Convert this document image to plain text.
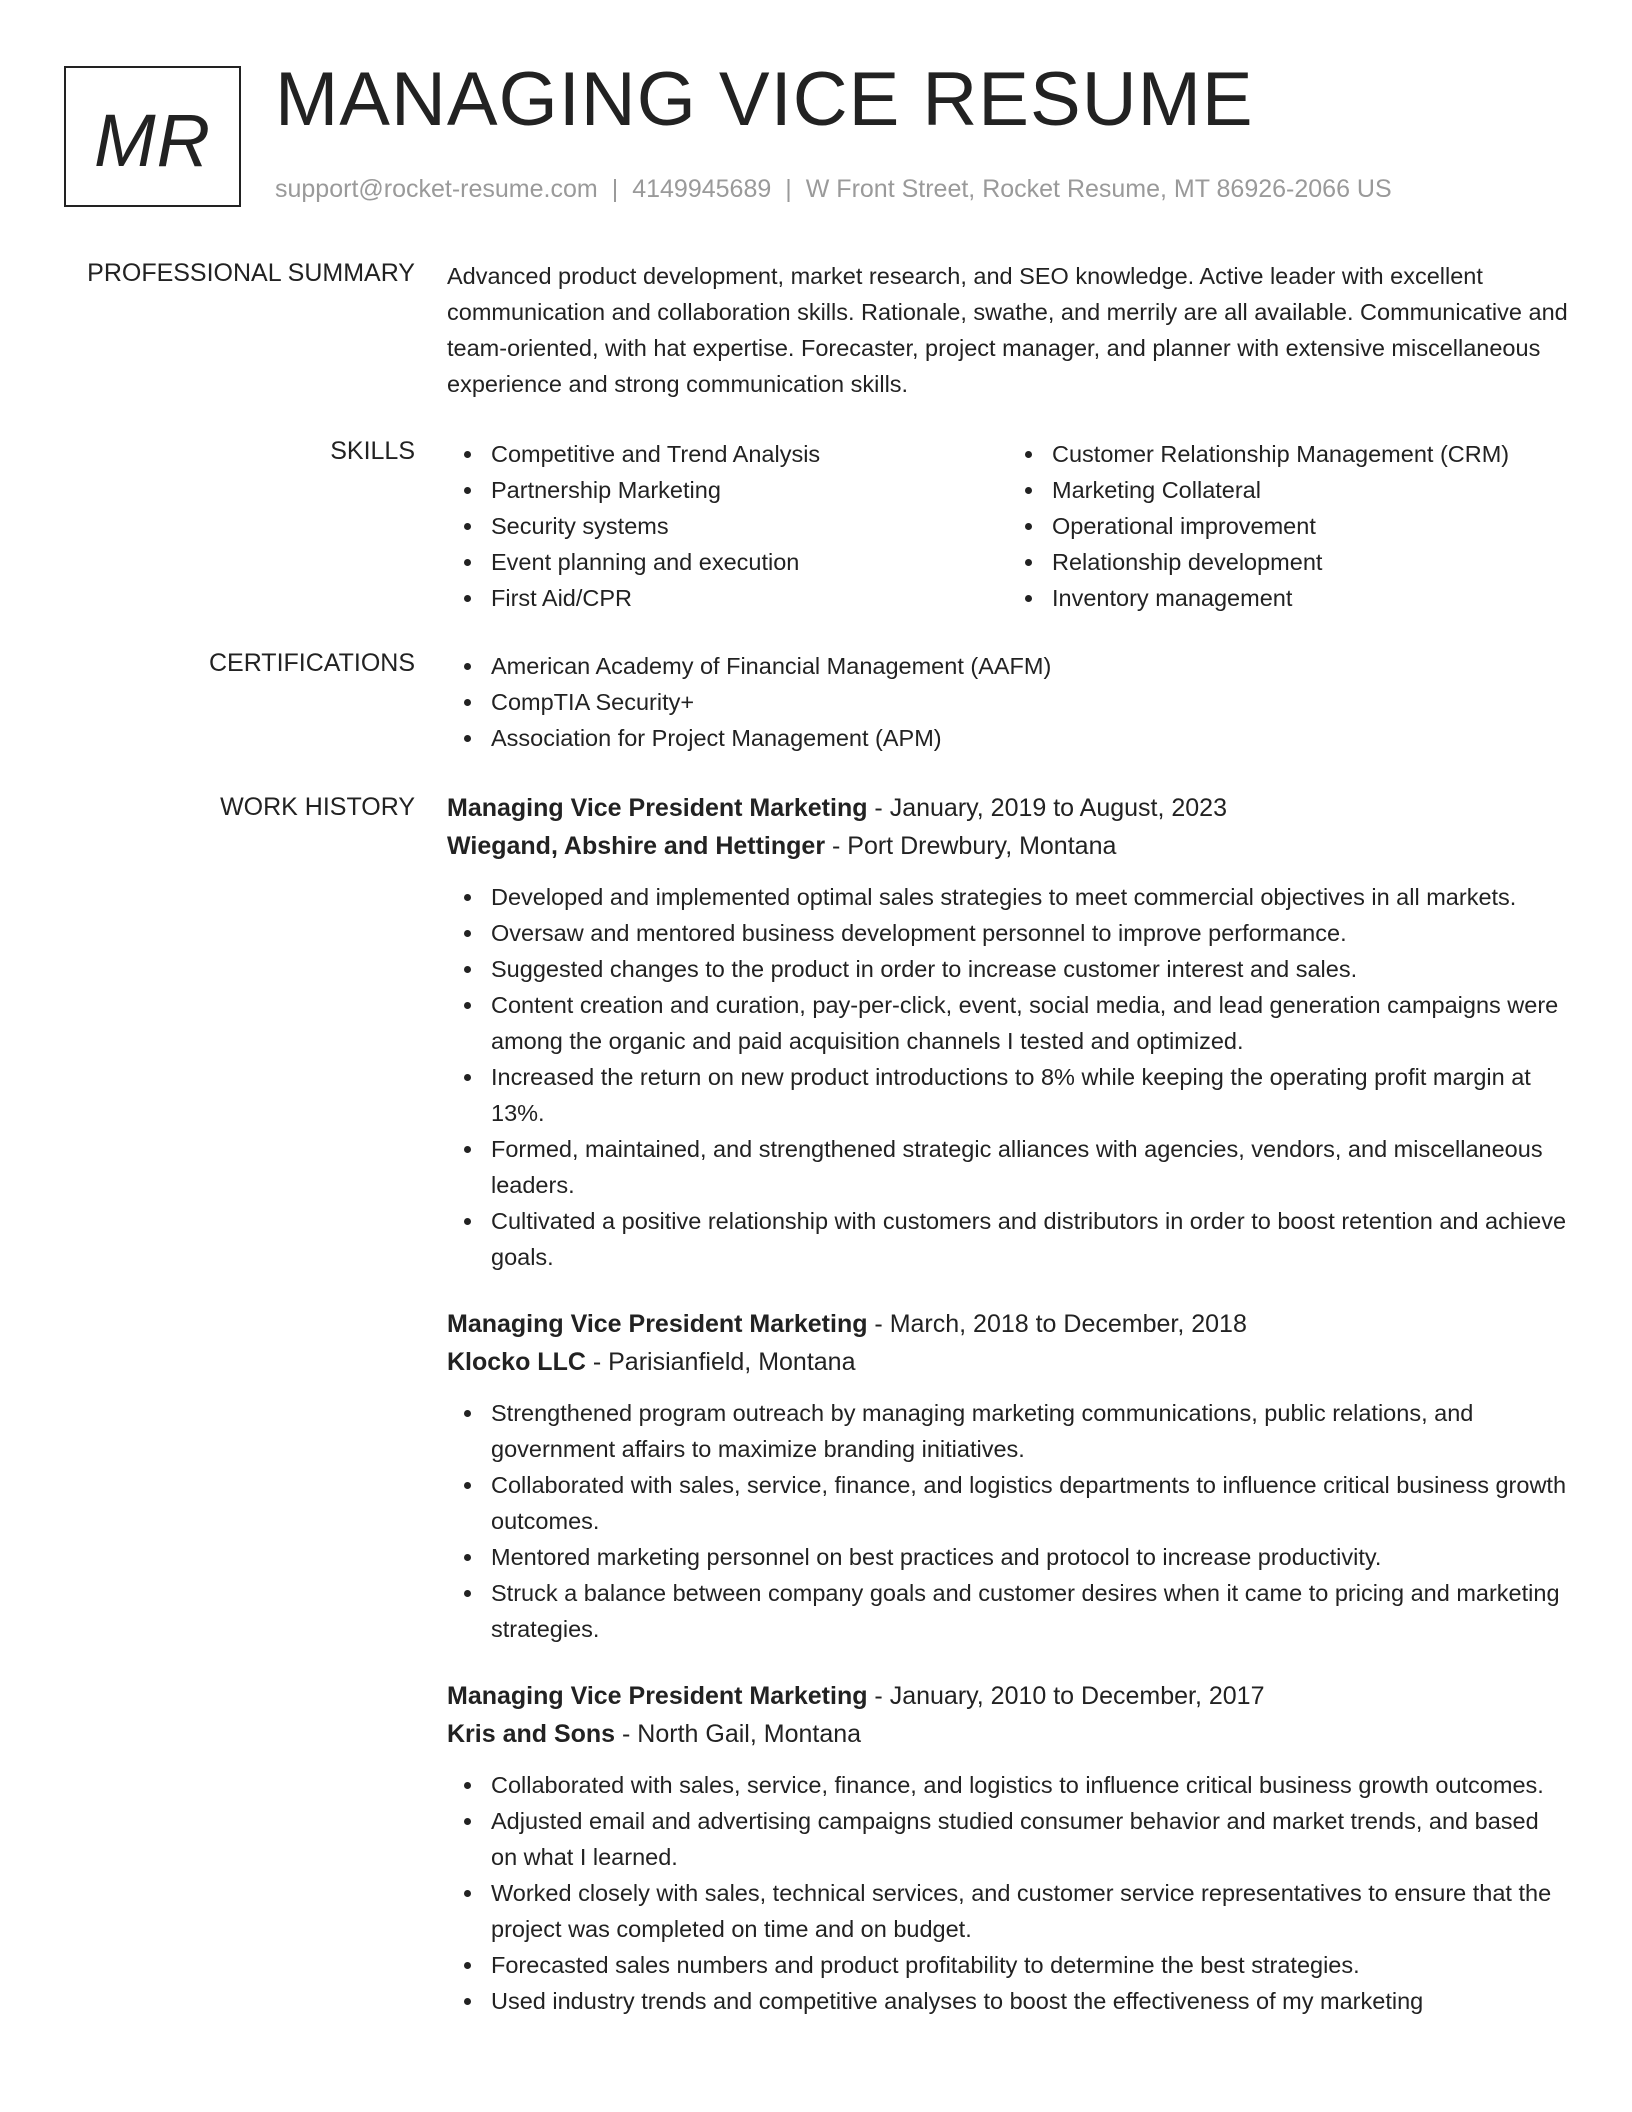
MR MANAGING VICE RESUME
support@rocket-resume.com | 4149945689 | W Front Street, Rocket Resume, MT 86926-2066 US
PROFESSIONAL SUMMARY Advanced product development, market research, and SEO knowledge. Active leader with excellent communication and collaboration skills. Rationale, swathe, and merrily are all available. Communicative and team-oriented, with hat expertise. Forecaster, project manager, and planner with extensive miscellaneous experience and strong communication skills.

SKILLS	Competitive and Trend Analysis
Partnership Marketing
Security systems
Event planning and execution
First Aid/CPR
Customer Relationship Management (CRM)
Marketing Collateral
Operational improvement
Relationship development
Inventory management
CERTIFICATIONS	American Academy of Financial Management (AAFM)
CompTIA Security+
Association for Project Management (APM)
WORK HISTORY Managing Vice President Marketing - January, 2019 to August, 2023
Wiegand, Abshire and Hettinger - Port Drewbury, Montana
Developed and implemented optimal sales strategies to meet commercial objectives in all markets.
Oversaw and mentored business development personnel to improve performance.
Suggested changes to the product in order to increase customer interest and sales.
Content creation and curation, pay-per-click, event, social media, and lead generation campaigns were among the organic and paid acquisition channels I tested and optimized.
Increased the return on new product introductions to 8% while keeping the operating profit margin at 13%.
Formed, maintained, and strengthened strategic alliances with agencies, vendors, and miscellaneous leaders.
Cultivated a positive relationship with customers and distributors in order to boost retention and achieve goals.
Managing Vice President Marketing - March, 2018 to December, 2018
Klocko LLC - Parisianfield, Montana
Strengthened program outreach by managing marketing communications, public relations, and government affairs to maximize branding initiatives.
Collaborated with sales, service, finance, and logistics departments to influence critical business growth outcomes.
Mentored marketing personnel on best practices and protocol to increase productivity.
Struck a balance between company goals and customer desires when it came to pricing and marketing strategies.
Managing Vice President Marketing - January, 2010 to December, 2017
Kris and Sons - North Gail, Montana
Collaborated with sales, service, finance, and logistics to influence critical business growth outcomes.
Adjusted email and advertising campaigns studied consumer behavior and market trends, and based on what I learned.
Worked closely with sales, technical services, and customer service representatives to ensure that the project was completed on time and on budget.
Forecasted sales numbers and product profitability to determine the best strategies.
Used industry trends and competitive analyses to boost the effectiveness of my marketing
